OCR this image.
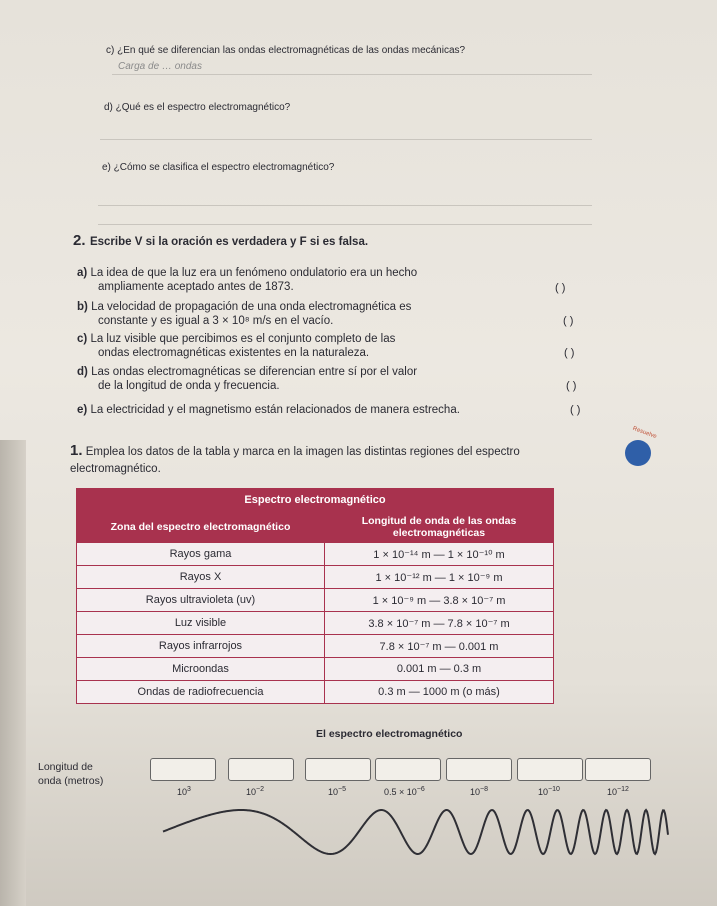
c) ¿En qué se diferencian las ondas electromagnéticas de las ondas mecánicas?
Carga de … ondas
d) ¿Qué es el espectro electromagnético?
e) ¿Cómo se clasifica el espectro electromagnético?
2. Escribe V si la oración es verdadera y F si es falsa.
a) La idea de que la luz era un fenómeno ondulatorio era un hecho
ampliamente aceptado antes de 1873.	( )
b) La velocidad de propagación de una onda electromagnética es
constante y es igual a 3 × 10⁸ m/s en el vacío.	( )
c) La luz visible que percibimos es el conjunto completo de las
ondas electromagnéticas existentes en la naturaleza.	( )
d) Las ondas electromagnéticas se diferencian entre sí por el valor
de la longitud de onda y frecuencia.	( )
e) La electricidad y el magnetismo están relacionados de manera estrecha.	( )
1. Emplea los datos de la tabla y marca en la imagen las distintas regiones del espectro
electromagnético.
Resuelve
Espectro electromagnético	
Zona del espectro electromagnético	Longitud de onda de las ondas
electromagnéticas
Rayos gama	1 × 10⁻¹⁴ m — 1 × 10⁻¹⁰ m
Rayos X	1 × 10⁻¹² m — 1 × 10⁻⁹ m
Rayos ultravioleta (uv)	1 × 10⁻⁹ m — 3.8 × 10⁻⁷ m
Luz visible	3.8 × 10⁻⁷ m — 7.8 × 10⁻⁷ m
Rayos infrarrojos	7.8 × 10⁻⁷ m — 0.001 m
Microondas	0.001 m — 0.3 m
Ondas de radiofrecuencia	0.3 m — 1000 m (o más)
El espectro electromagnético
Longitud de
onda (metros)
$10^3$	$10^{-2}$	$10^{-5}$	$0.5 \times 10^{-6}$	$10^{-8}$	$10^{-10}$	$10^{-12}$
